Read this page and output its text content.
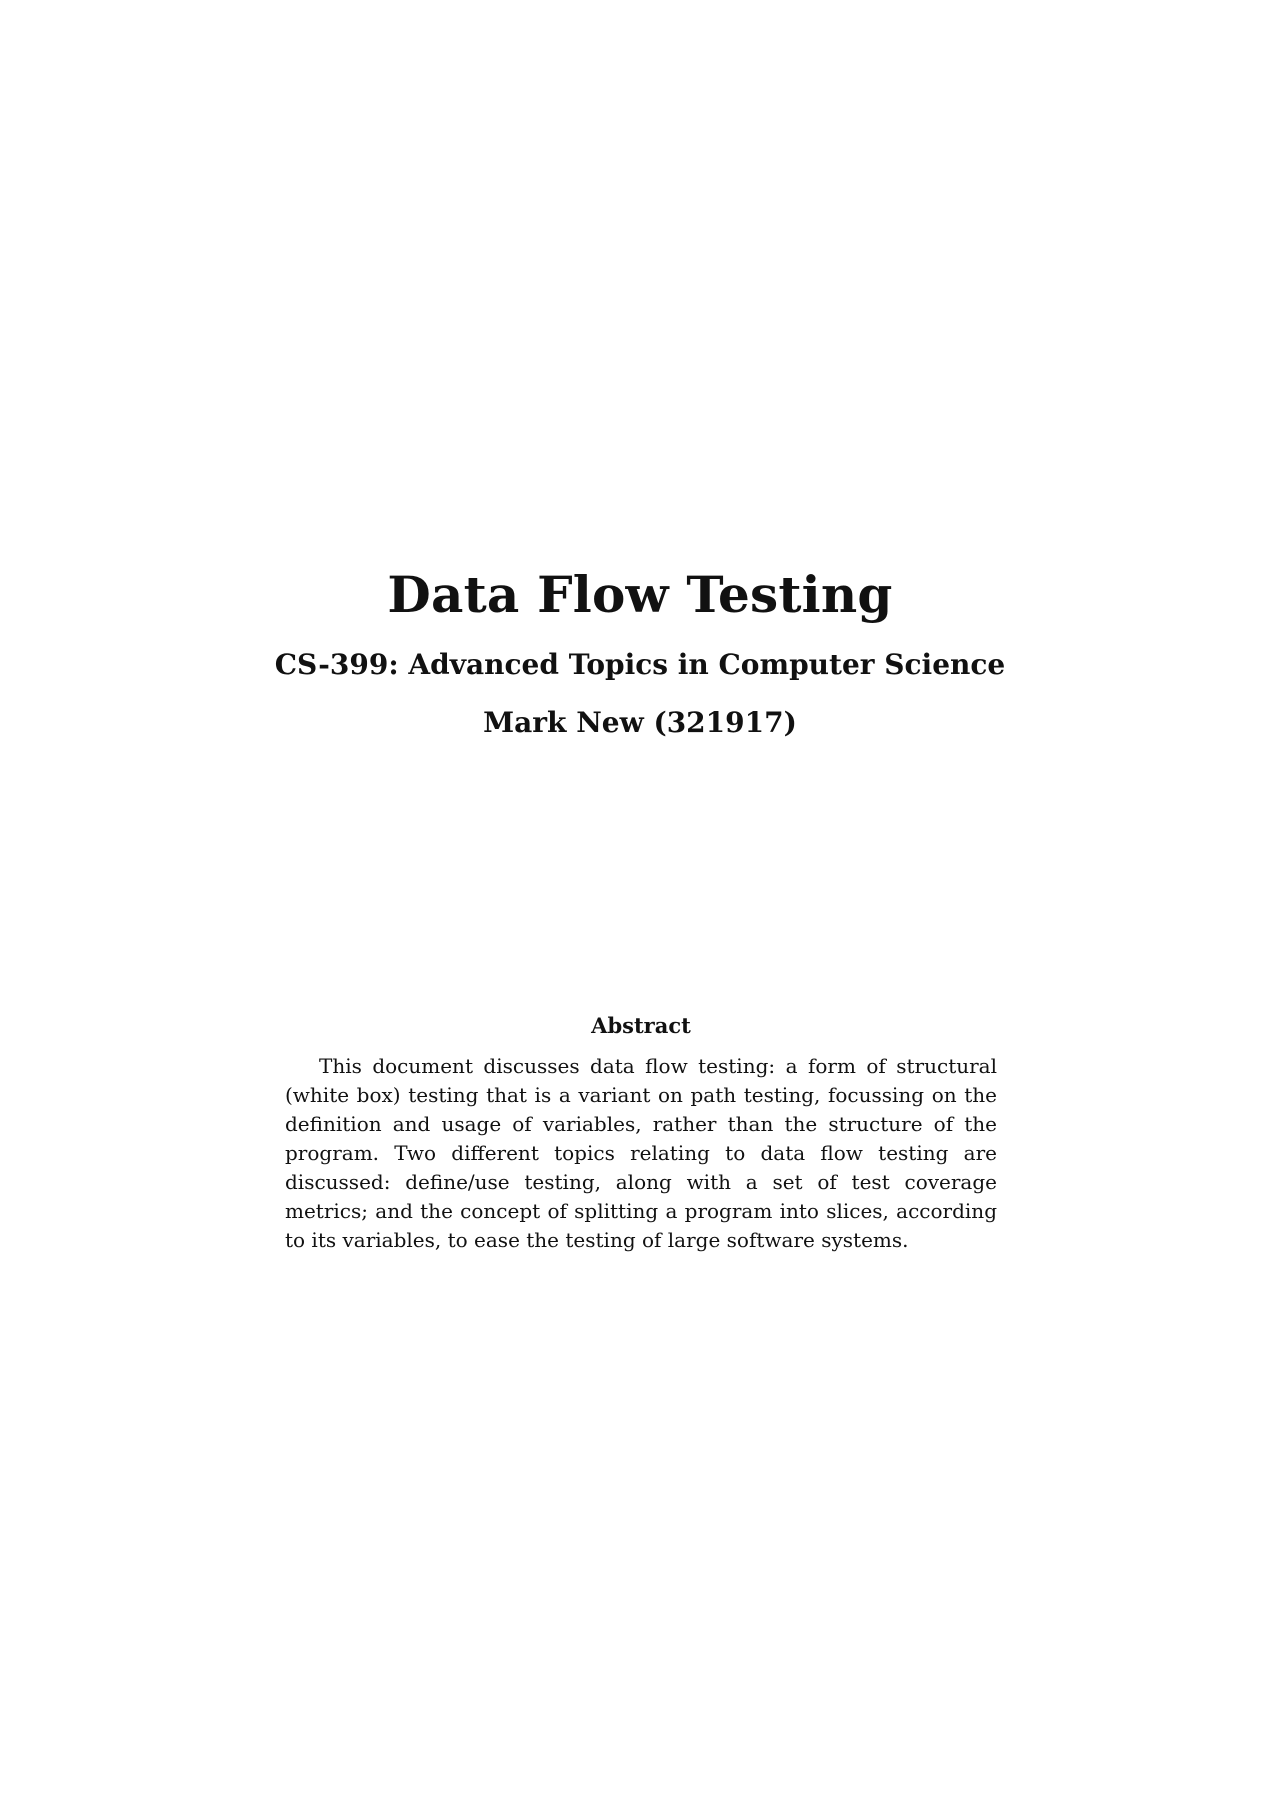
Data Flow Testing
CS-399: Advanced Topics in Computer Science
Mark New (321917)
Abstract

This document discusses data flow testing: a form of structural (white box) testing that is a variant on path testing, focussing on the definition and usage of variables, rather than the structure of the program. Two different topics relating to data flow testing are discussed: define/use testing, along with a set of test coverage metrics; and the concept of splitting a program into slices, according to its variables, to ease the testing of large software systems.
